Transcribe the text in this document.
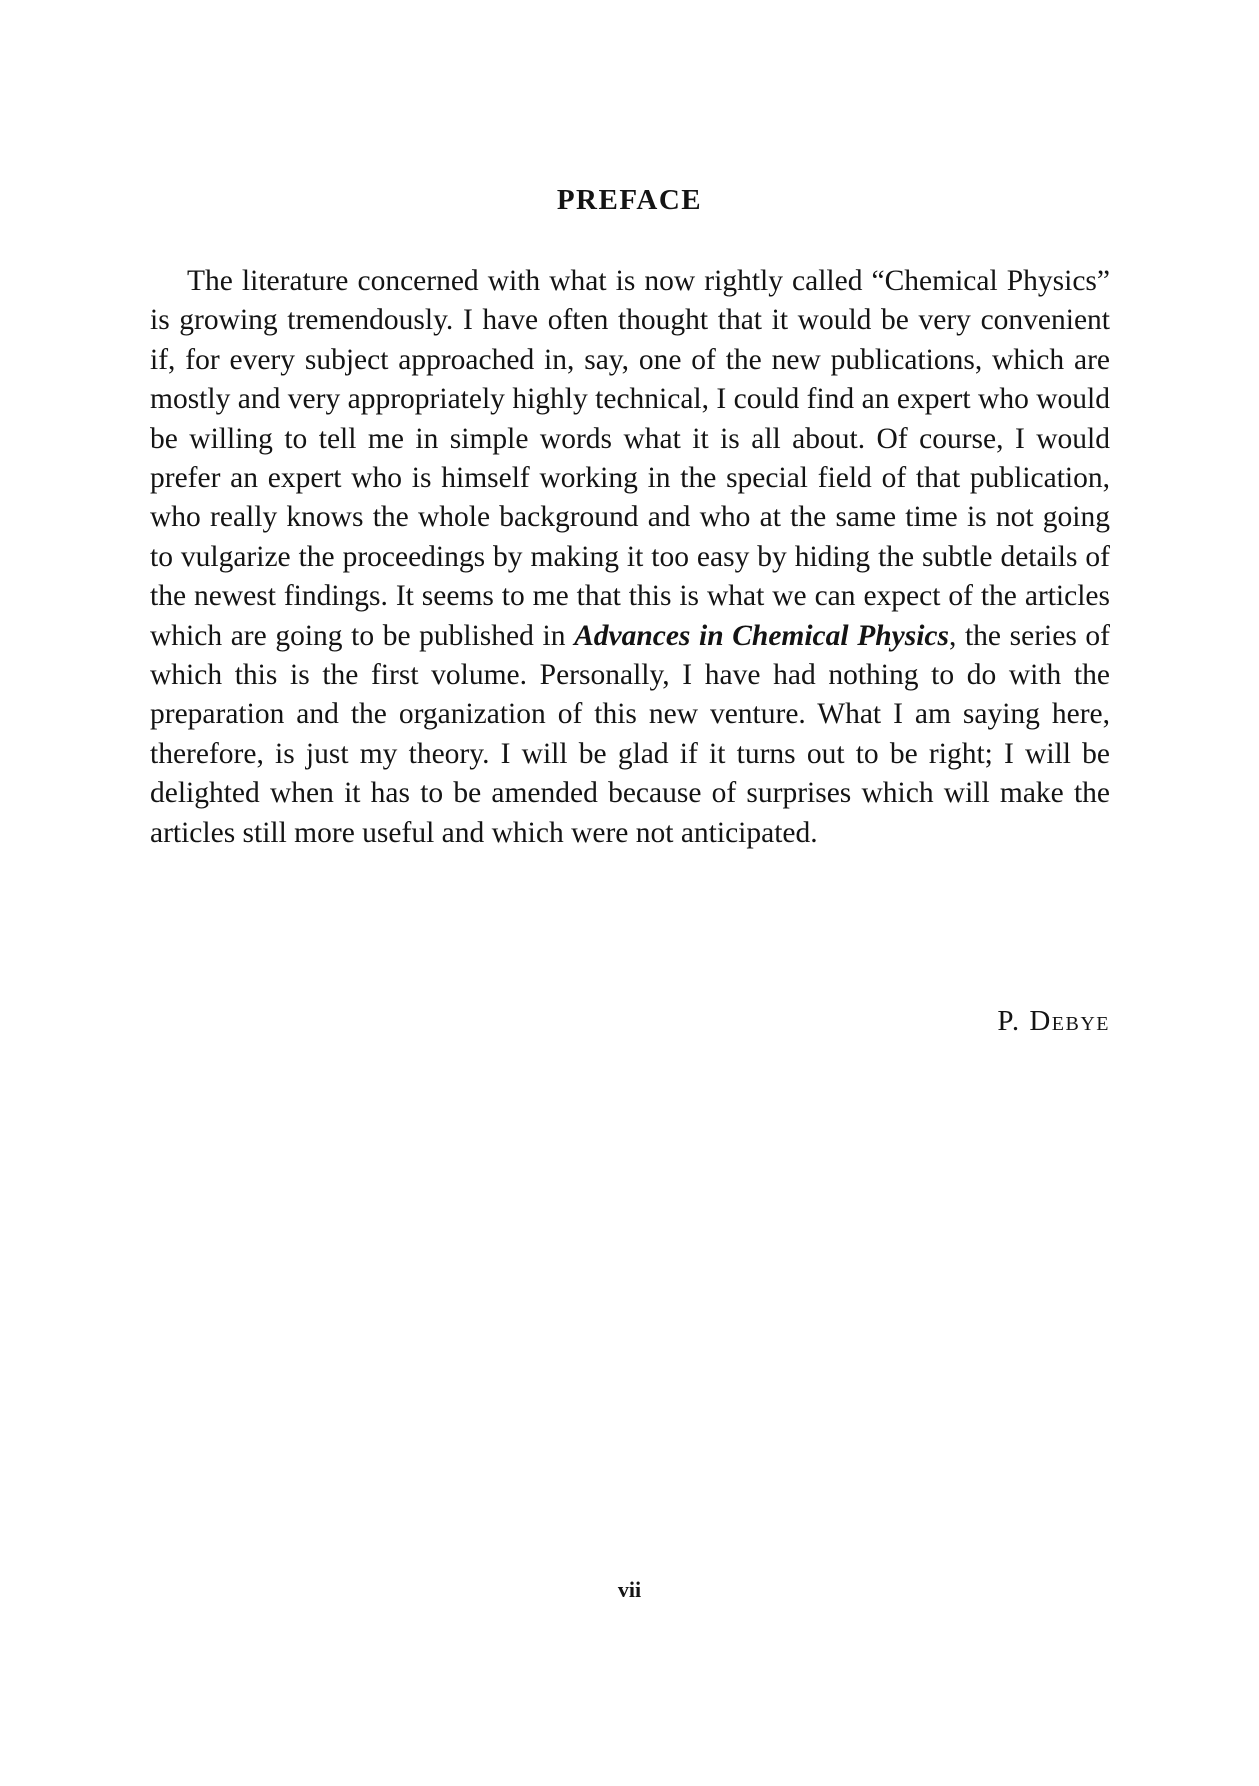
PREFACE

The literature concerned with what is now rightly called “Chemical Physics” is growing tremendously. I have often thought that it would be very convenient if, for every subject approached in, say, one of the new publications, which are mostly and very appropriately highly technical, I could find an expert who would be willing to tell me in simple words what it is all about. Of course, I would prefer an expert who is himself working in the special field of that publication, who really knows the whole background and who at the same time is not going to vulgarize the proceedings by making it too easy by hiding the subtle details of the newest findings. It seems to me that this is what we can expect of the articles which are going to be published in Advances in Chemical Physics, the series of which this is the first volume. Personally, I have had nothing to do with the preparation and the organization of this new venture. What I am saying here, therefore, is just my theory. I will be glad if it turns out to be right; I will be delighted when it has to be amended because of surprises which will make the articles still more useful and which were not anticipated.

P. Debye
vii
